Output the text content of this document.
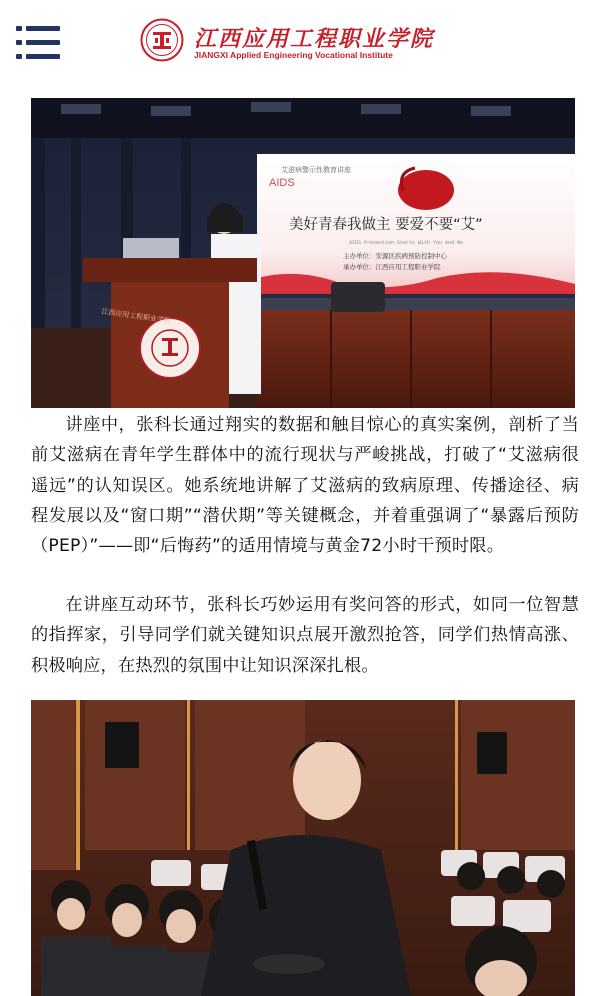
江西应用工程职业学院
JIANGXI Applied Engineering Vocational Institute
艾滋病警示性教育讲座
AIDS
美好青春我做主 要爱不要“艾”
AIDS Prevention Starts With You And Me
主办单位：安源区疾病预防控制中心
承办单位：江西应用工程职业学院
江西应用工程职业学院

讲座中，张科长通过翔实的数据和触目惊心的真实案例，剖析了当前艾滋病在青年学生群体中的流行现状与严峻挑战，打破了“艾滋病很遥远”的认知误区。她系统地讲解了艾滋病的致病原理、传播途径、病程发展以及“窗口期”“潜伏期”等关键概念，并着重强调了“暴露后预防（PEP）”——即“后悔药”的适用情境与黄金72小时干预时限。

在讲座互动环节，张科长巧妙运用有奖问答的形式，如同一位智慧的指挥家，引导同学们就关键知识点展开激烈抢答，同学们热情高涨、积极响应，在热烈的氛围中让知识深深扎根。
